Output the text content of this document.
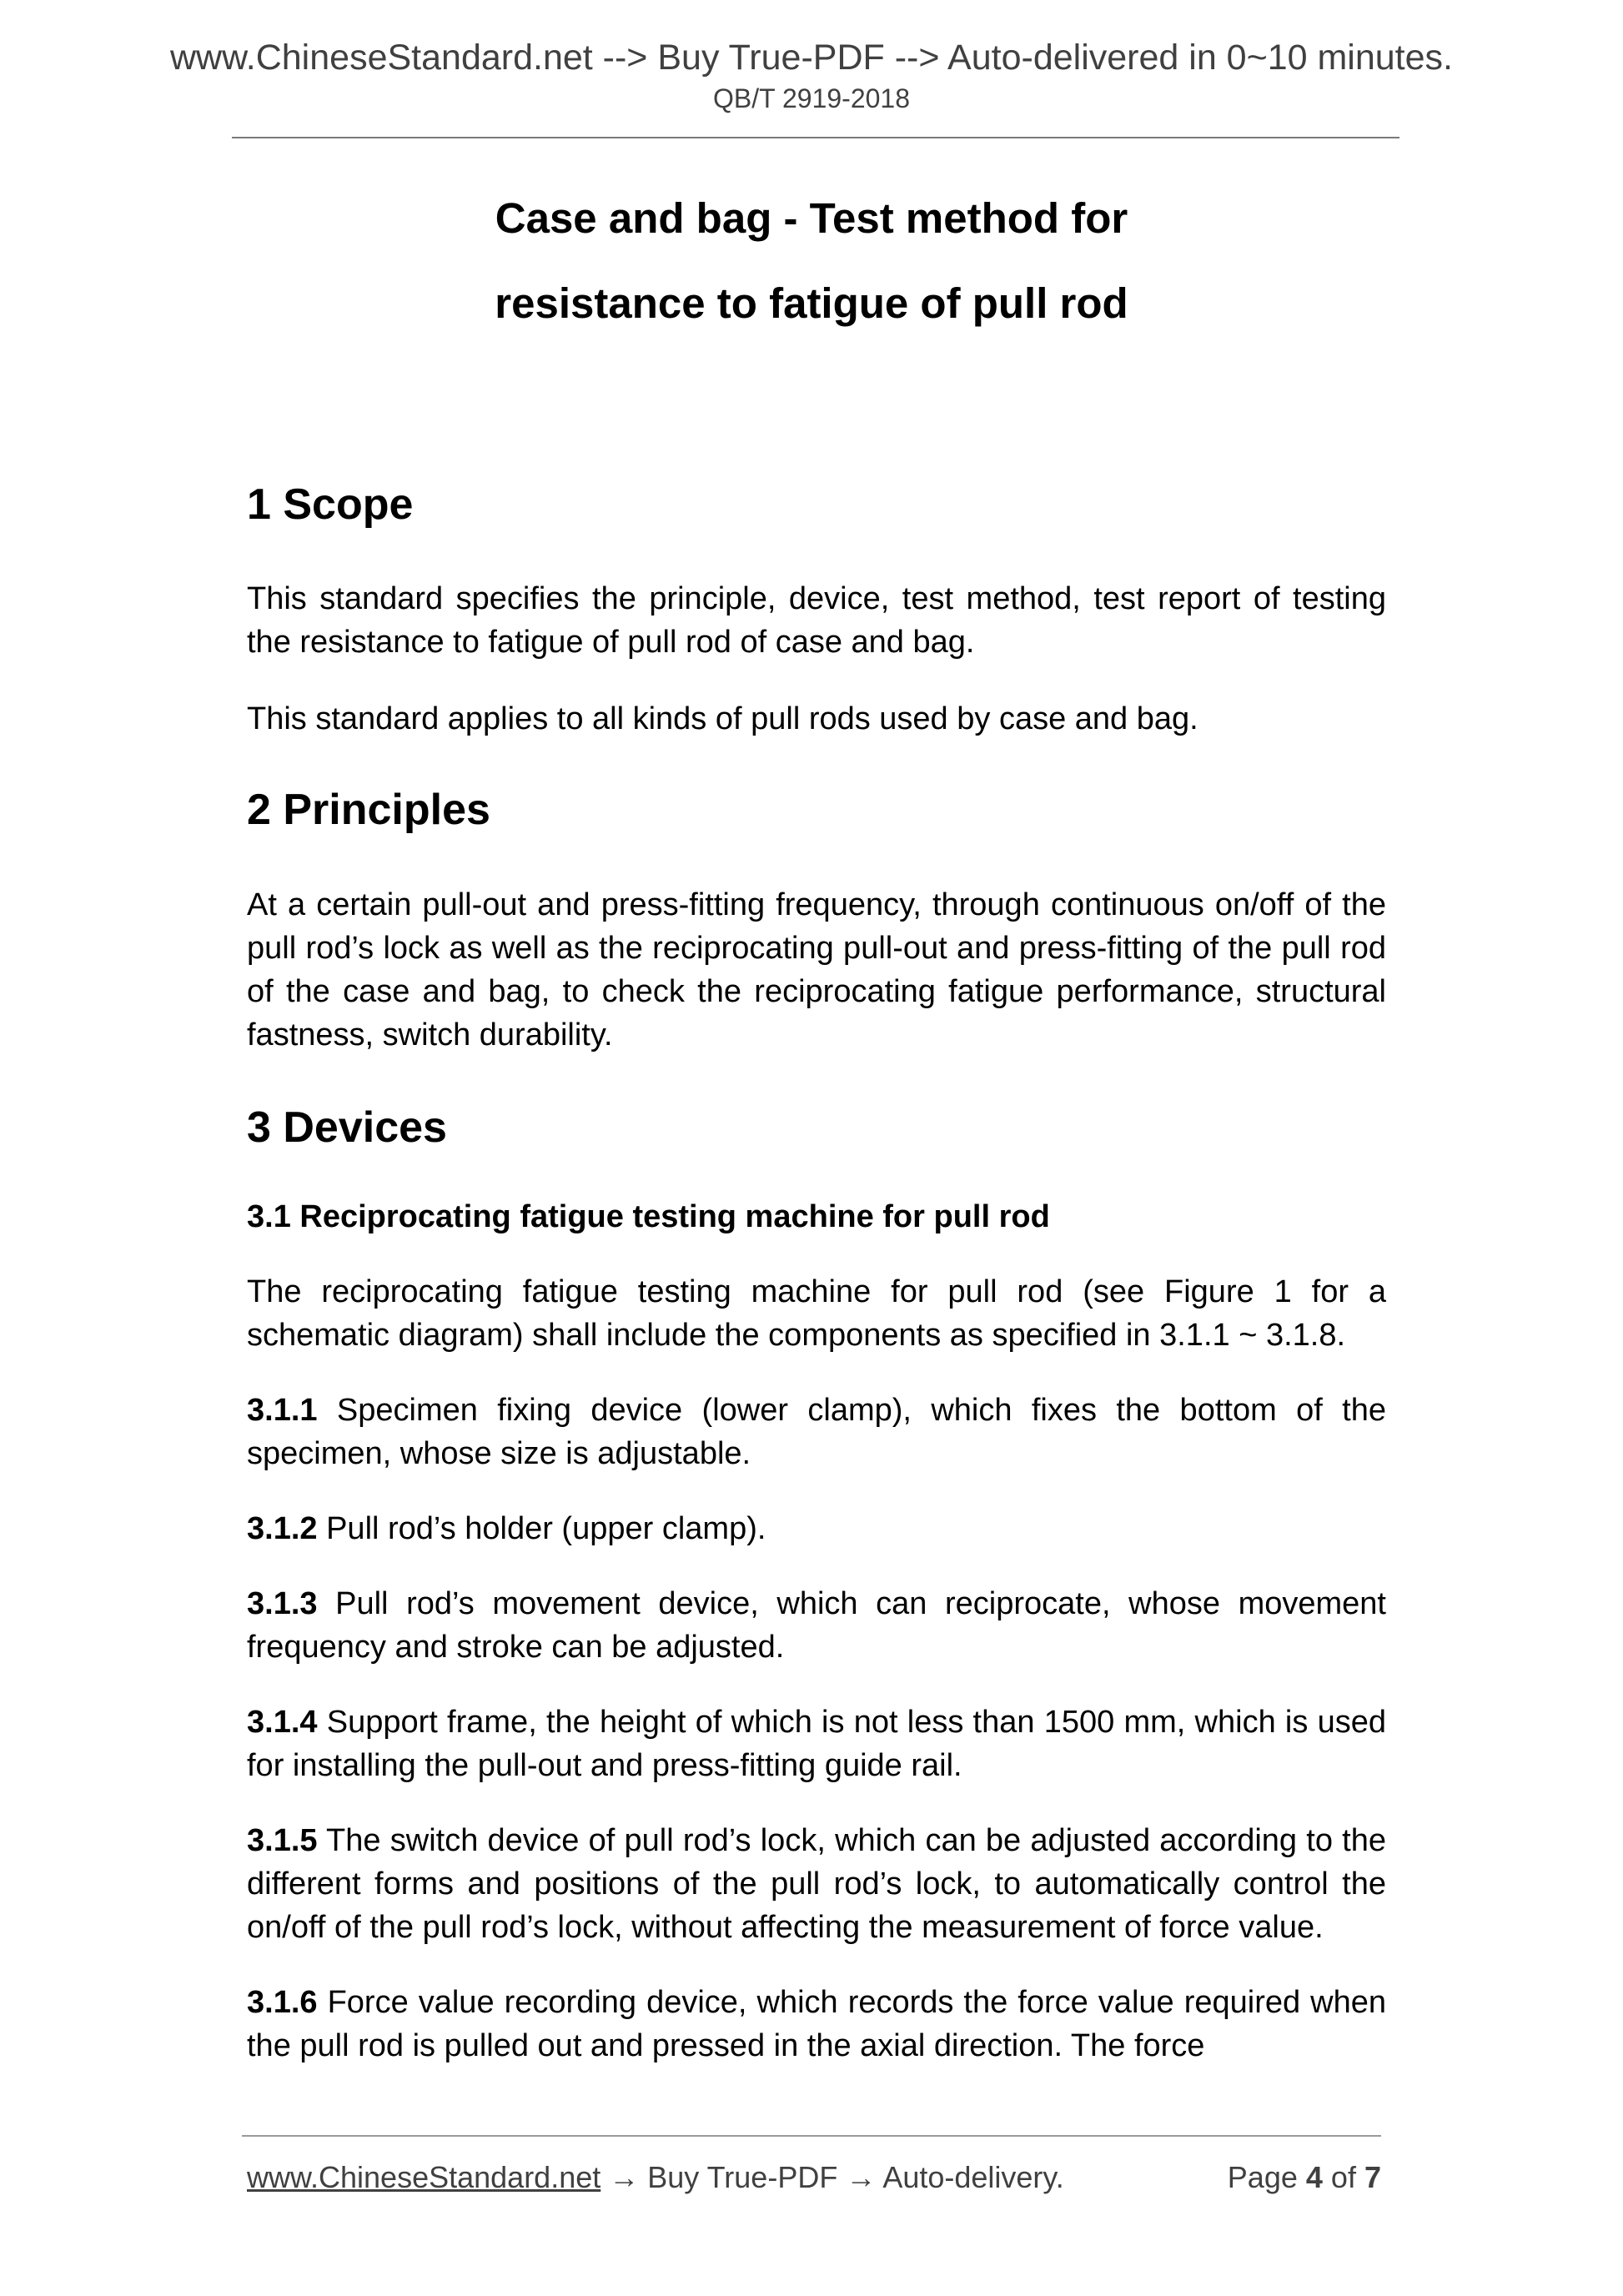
www.ChineseStandard.net --> Buy True-PDF --> Auto-delivered in 0~10 minutes.
QB/T 2919-2018
Case and bag - Test method for
resistance to fatigue of pull rod
1 Scope

This standard specifies the principle, device, test method, test report of testing the resistance to fatigue of pull rod of case and bag.

This standard applies to all kinds of pull rods used by case and bag.

2 Principles

At a certain pull-out and press-fitting frequency, through continuous on/off of the pull rod’s lock as well as the reciprocating pull-out and press-fitting of the pull rod of the case and bag, to check the reciprocating fatigue performance, structural fastness, switch durability.

3 Devices
3.1 Reciprocating fatigue testing machine for pull rod

The reciprocating fatigue testing machine for pull rod (see Figure 1 for a schematic diagram) shall include the components as specified in 3.1.1 ~ 3.1.8.

3.1.1 Specimen fixing device (lower clamp), which fixes the bottom of the specimen, whose size is adjustable.

3.1.2 Pull rod’s holder (upper clamp).

3.1.3 Pull rod’s movement device, which can reciprocate, whose movement frequency and stroke can be adjusted.

3.1.4 Support frame, the height of which is not less than 1500 mm, which is used for installing the pull-out and press-fitting guide rail.

3.1.5 The switch device of pull rod’s lock, which can be adjusted according to the different forms and positions of the pull rod’s lock, to automatically control the on/off of the pull rod’s lock, without affecting the measurement of force value.

3.1.6 Force value recording device, which records the force value required when the pull rod is pulled out and pressed in the axial direction. The force

www.ChineseStandard.net → Buy True-PDF → Auto-delivery.	Page 4 of 7
